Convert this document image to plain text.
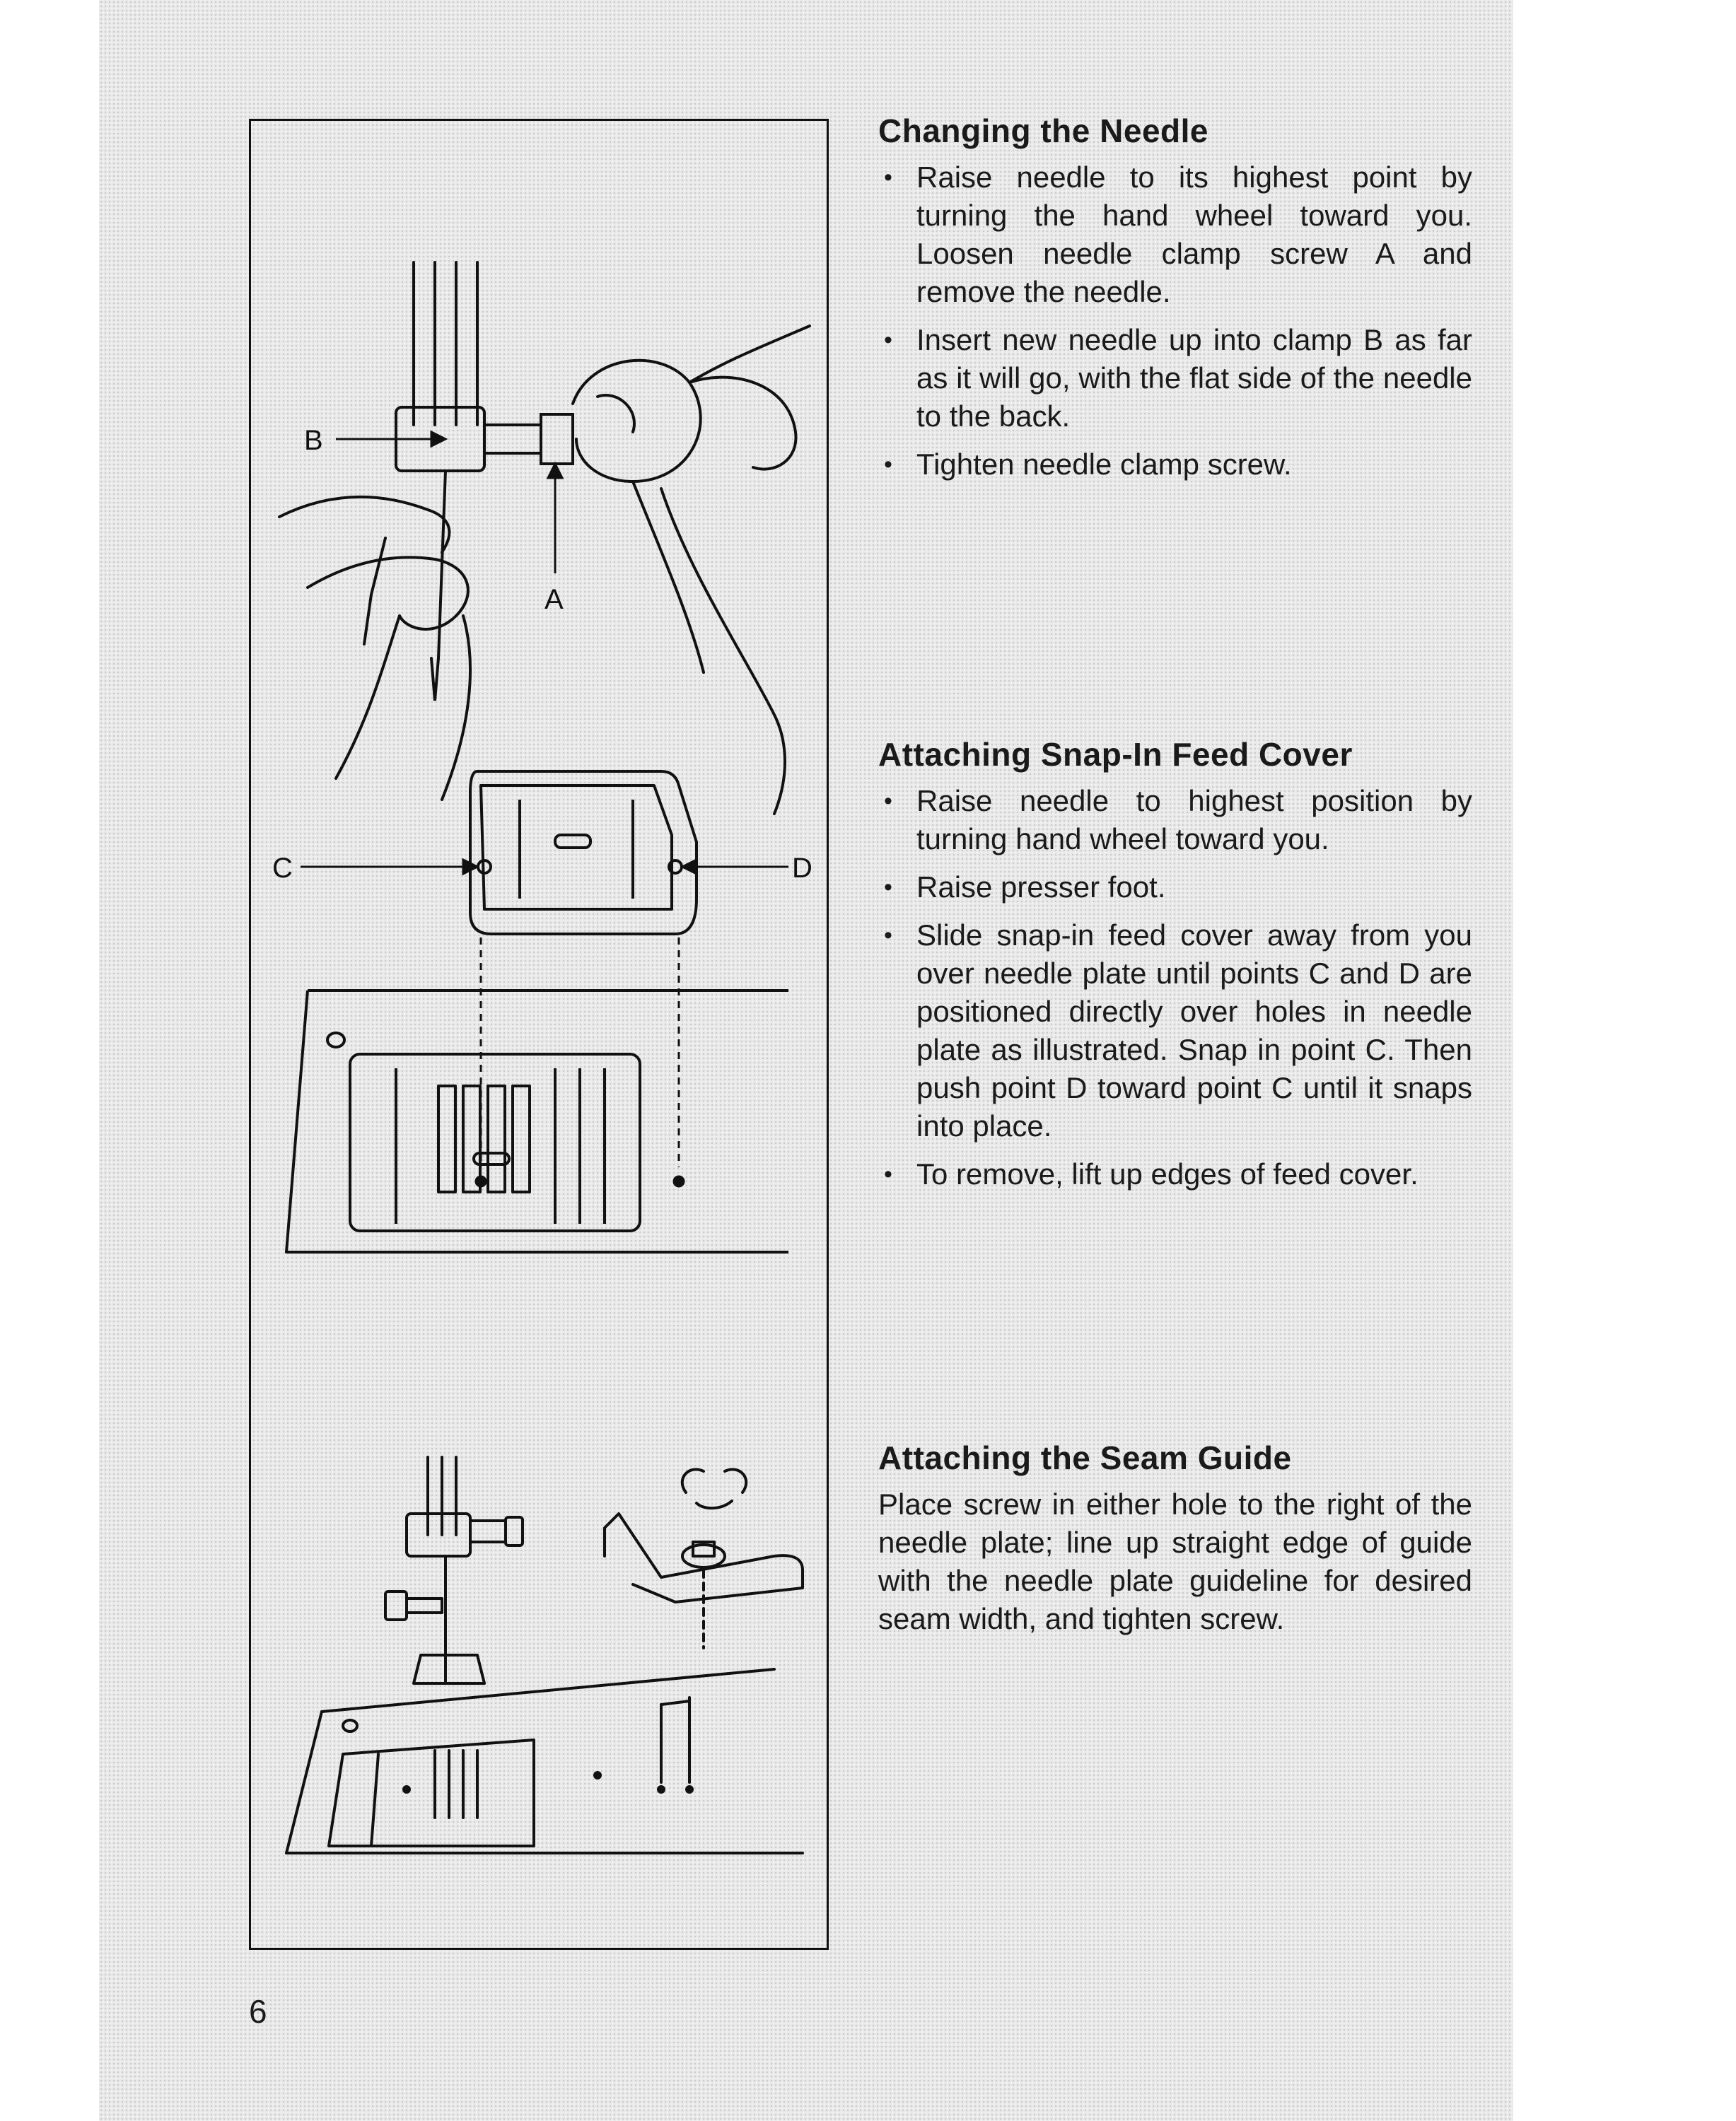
B
A
C	D
Changing the Needle
• Raise needle to its highest point by turning the hand wheel toward you. Loosen needle clamp screw A and remove the needle.
• Insert new needle up into clamp B as far as it will go, with the flat side of the needle to the back.
• Tighten needle clamp screw.
Attaching Snap-In Feed Cover
• Raise needle to highest position by turning hand wheel toward you.
• Raise presser foot.
• Slide snap-in feed cover away from you over needle plate until points C and D are positioned directly over holes in needle plate as illustrated. Snap in point C. Then push point D toward point C until it snaps into place.
• To remove, lift up edges of feed cover.
Attaching the Seam Guide

Place screw in either hole to the right of the needle plate; line up straight edge of guide with the needle plate guideline for desired seam width, and tighten screw.

6
